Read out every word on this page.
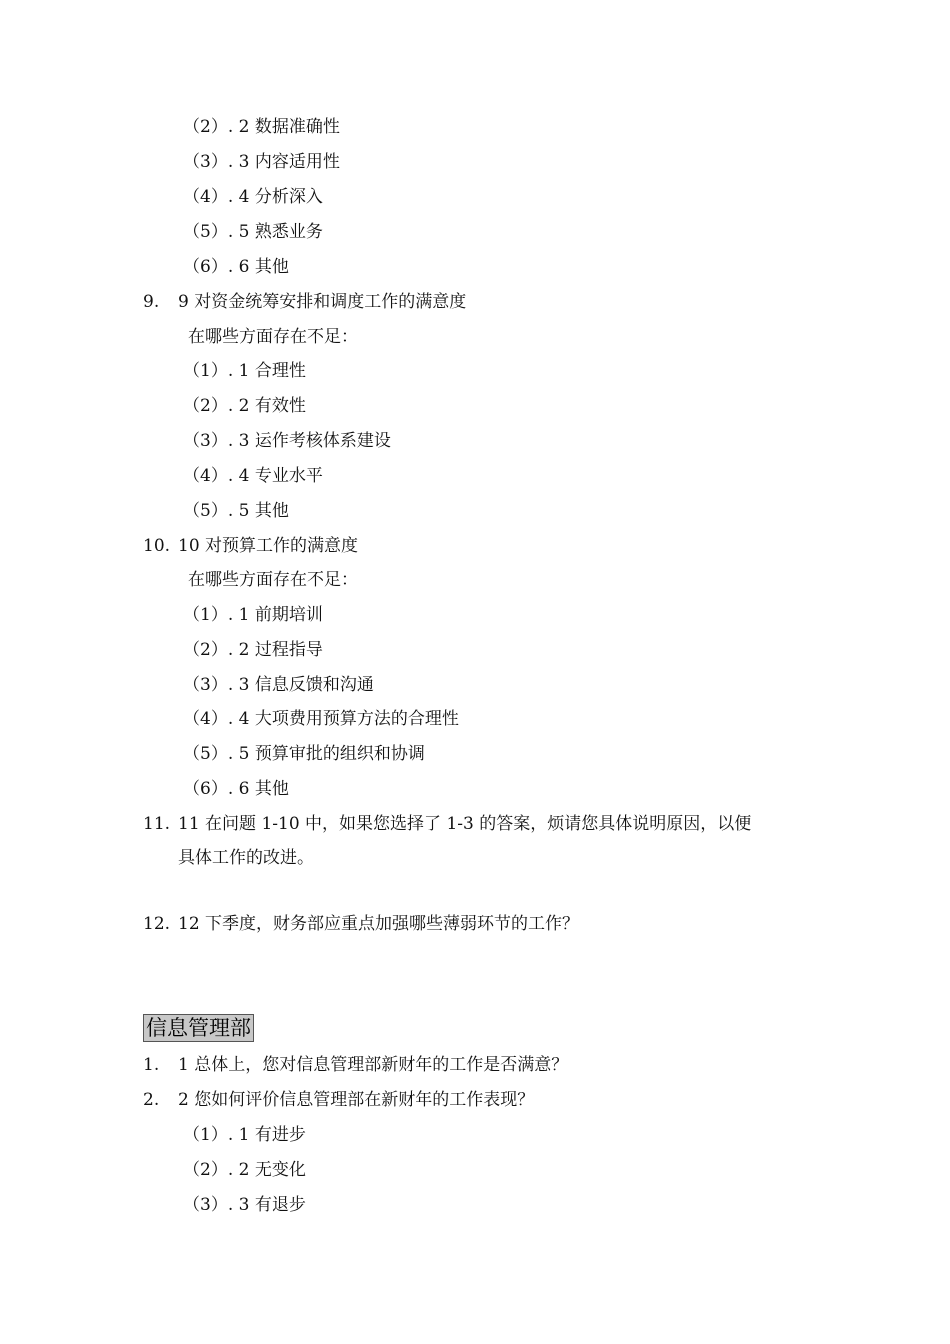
（2）. 2 数据准确性
（3）. 3 内容适用性
（4）. 4 分析深入
（5）. 5 熟悉业务
（6）. 6 其他
9. 9 对资金统筹安排和调度工作的满意度
在哪些方面存在不足：
（1）. 1 合理性
（2）. 2 有效性
（3）. 3 运作考核体系建设
（4）. 4 专业水平
（5）. 5 其他
10. 10 对预算工作的满意度
在哪些方面存在不足：
（1）. 1 前期培训
（2）. 2 过程指导
（3）. 3 信息反馈和沟通
（4）. 4 大项费用预算方法的合理性
（5）. 5 预算审批的组织和协调
（6）. 6 其他
11. 11 在问题 1-10 中，如果您选择了 1-3 的答案，烦请您具体说明原因，以便
具体工作的改进。
12. 12 下季度，财务部应重点加强哪些薄弱环节的工作？
信息管理部
1. 1 总体上，您对信息管理部新财年的工作是否满意？
2. 2 您如何评价信息管理部在新财年的工作表现？
（1）. 1 有进步
（2）. 2 无变化
（3）. 3 有退步
